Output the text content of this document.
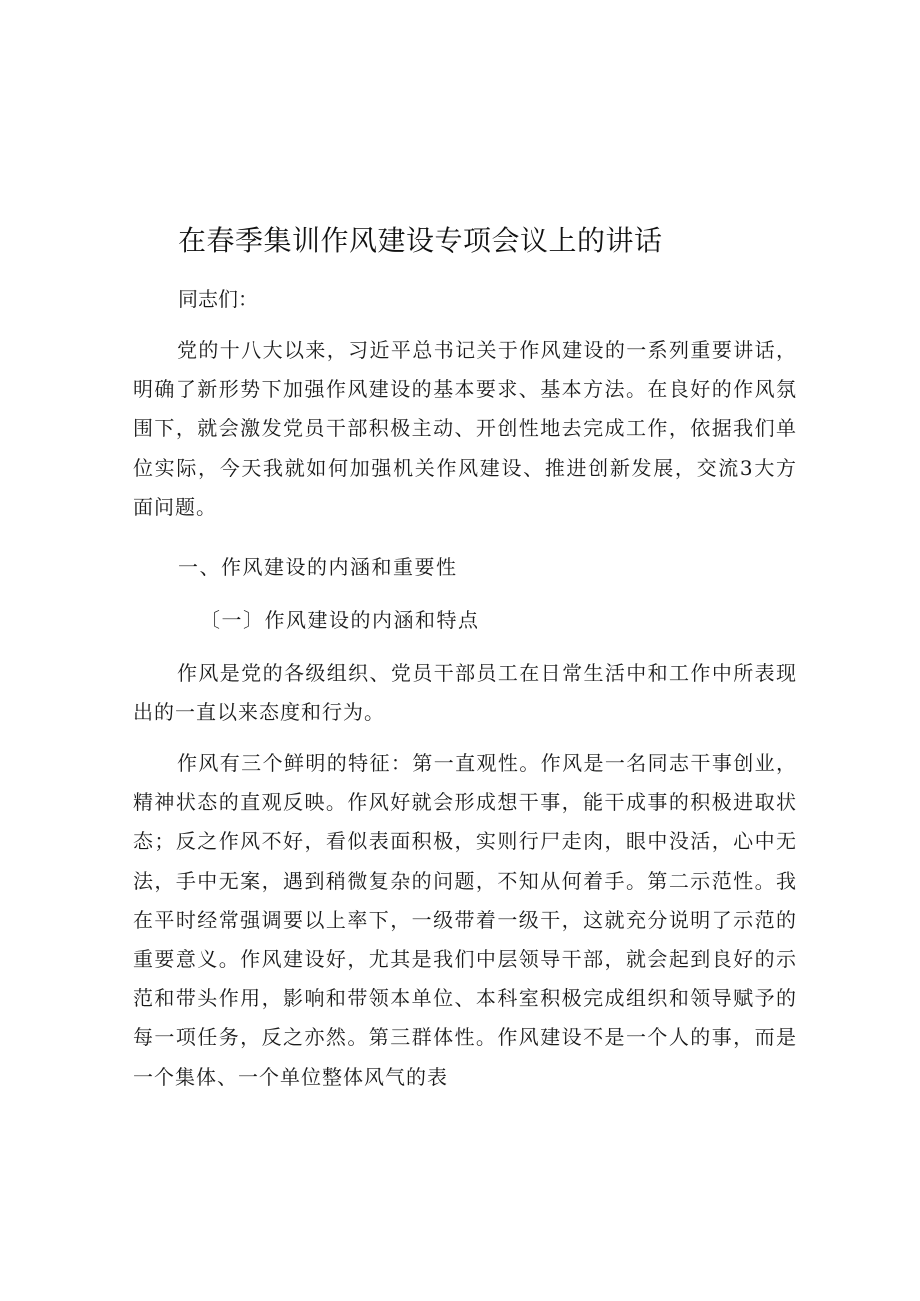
在春季集训作风建设专项会议上的讲话
同志们：

党的十八大以来，习近平总书记关于作风建设的一系列重要讲话，明确了新形势下加强作风建设的基本要求、基本方法。在良好的作风氛围下，就会激发党员干部积极主动、开创性地去完成工作，依据我们单位实际，今天我就如何加强机关作风建设、推进创新发展，交流3大方面问题。

一、作风建设的内涵和重要性
〔一〕作风建设的内涵和特点

作风是党的各级组织、党员干部员工在日常生活中和工作中所表现出的一直以来态度和行为。

作风有三个鲜明的特征：第一直观性。作风是一名同志干事创业，精神状态的直观反映。作风好就会形成想干事，能干成事的积极进取状态；反之作风不好，看似表面积极，实则行尸走肉，眼中没活，心中无法，手中无案，遇到稍微复杂的问题，不知从何着手。第二示范性。我在平时经常强调要以上率下，一级带着一级干，这就充分说明了示范的重要意义。作风建设好，尤其是我们中层领导干部，就会起到良好的示范和带头作用，影响和带领本单位、本科室积极完成组织和领导赋予的每一项任务，反之亦然。第三群体性。作风建设不是一个人的事，而是一个集体、一个单位整体风气的表
